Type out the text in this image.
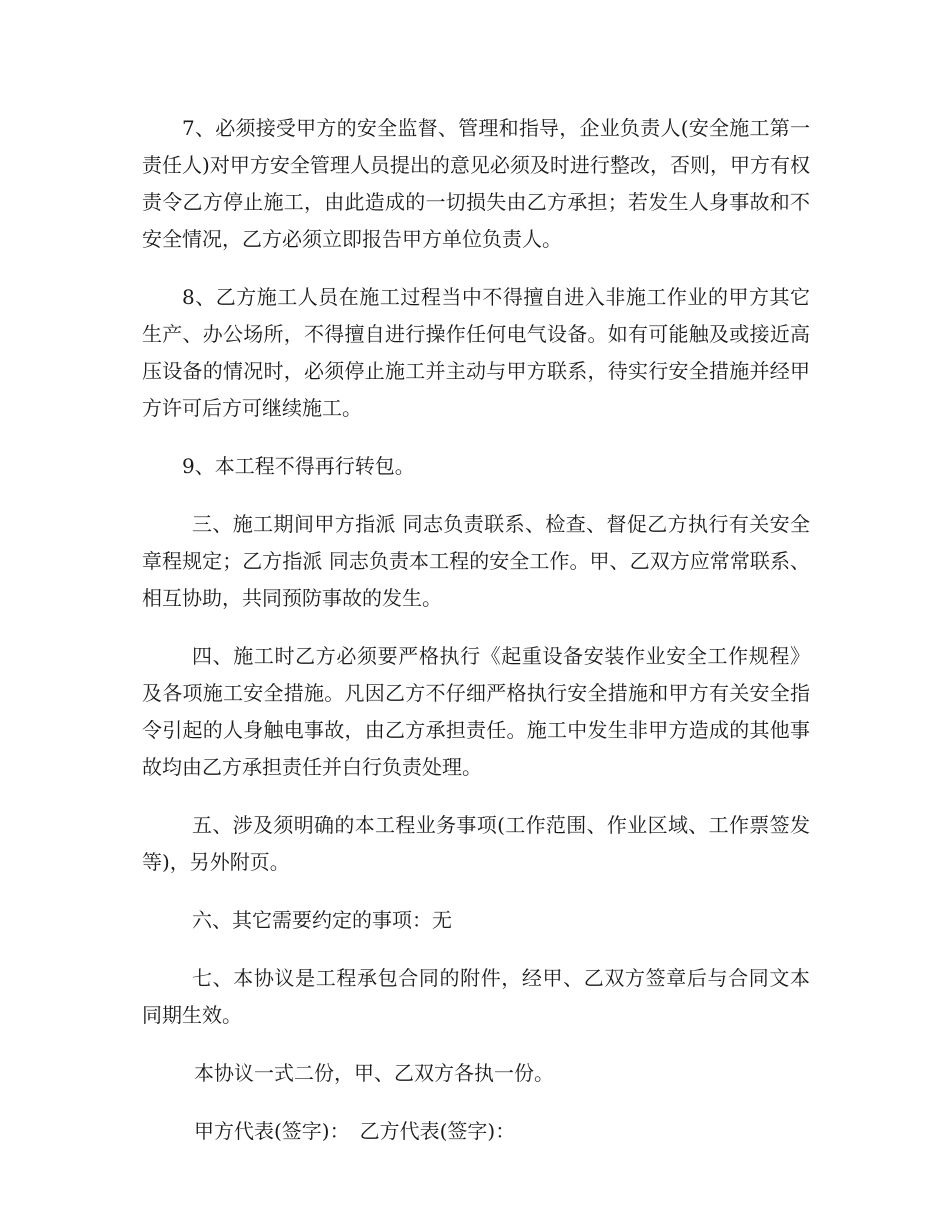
7、必须接受甲方的安全监督、管理和指导，企业负责人(安全施工第一责任人)对甲方安全管理人员提出的意见必须及时进行整改，否则，甲方有权责令乙方停止施工，由此造成的一切损失由乙方承担；若发生人身事故和不安全情况，乙方必须立即报告甲方单位负责人。

8、乙方施工人员在施工过程当中不得擅自进入非施工作业的甲方其它生产、办公场所，不得擅自进行操作任何电气设备。如有可能触及或接近高压设备的情况时，必须停止施工并主动与甲方联系，待实行安全措施并经甲方许可后方可继续施工。

9、本工程不得再行转包。

三、施工期间甲方指派 同志负责联系、检查、督促乙方执行有关安全章程规定；乙方指派 同志负责本工程的安全工作。甲、乙双方应常常联系、相互协助，共同预防事故的发生。

四、施工时乙方必须要严格执行《起重设备安装作业安全工作规程》及各项施工安全措施。凡因乙方不仔细严格执行安全措施和甲方有关安全指令引起的人身触电事故，由乙方承担责任。施工中发生非甲方造成的其他事故均由乙方承担责任并白行负责处理。

五、涉及须明确的本工程业务事项(工作范围、作业区域、工作票签发等)，另外附页。

六、其它需要约定的事项：无

七、本协议是工程承包合同的附件，经甲、乙双方签章后与合同文本同期生效。

本协议一式二份，甲、乙双方各执一份。

甲方代表(签字)：　乙方代表(签字)：
